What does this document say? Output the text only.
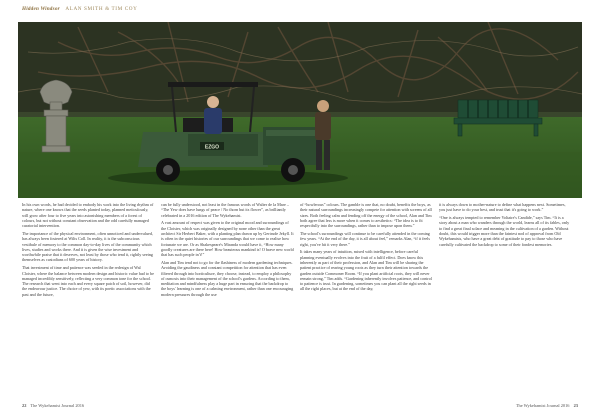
Hidden Windsor ALAN SMITH & TIM COY
EZGO

In his own words, he had decided to embody his work into the living rhythm of nature, where one knows that the seeds planted today, planned meticulously, will grow after four to five years into astonishing members of a forest of colours, but not without constant observation and the odd carefully managed curatorial intervention.

The importance of the physical environment, often unnoticed and undervalued, has always been fostered at Wilts Coll. In reality, it is the subconscious vestibule of memory to the common day-to-day lives of the community which lives, studies and works there. And it is given the wise investment and worthwhile praise that it deserves, not least by those who tend it, rightly seeing themselves as custodians of 600 years of history.

That investment of time and patience was seeded in the redesign of Wal Cloister, where the balance between modern design and historic value had to be managed incredibly sensitively, reflecting a very common tone for the school. The research that went into each and every square patch of soil, however, did the endeavour justice. The choice of yew, with its poetic associations with the past and the future,

can be fully understood, not least in the famous words of Walter de la Mare – “The Yew does have lungs of peace / No thorn but its flower”, as brilliantly celebrated in a 2016 edition of The Wykehamist.

A vast amount of respect was given to the original mood and surroundings of the Cloister, which was originally designed by none other than the great architect Sir Herbert Baker, with a planting plan drawn up by Gertrude Jekyll. It is often in the quiet histories of our surroundings that we come to realise how fortunate we are. Or as Shakespeare's Miranda would have it, “How many goodly creatures are there here! How beauteous mankind is! O brave new world that has such people in’t!”

Alan and Tim tend not to go for the flashiness of modern gardening techniques. Avoiding the gaudiness and constant competition for attention that has even filtered through into horticulture, they choose, instead, to employ a philosophy of osmosis into their management of the school's gardens. According to them, meditation and mindfulness play a huge part in ensuring that the backdrop to the boys' learning is one of a calming environment, rather than one encouraging modern pressures through the use

of “howlerous” colours. The gamble is one that, no doubt, benefits the boys, as their natural surroundings increasingly compete for attention with screens of all sizes. Both feeling calm and fending off the energy of the school, Alan and Tim both agree that less is more when it comes to aesthetics: “The idea is to fit respectfully into the surroundings, rather than to impose upon them.”

The school's surroundings will continue to be carefully attended in the coming few years. “At the end of the day, it is all about feel,” remarks Alan, “if it feels right, you've hit it very there.”

It takes many years of intuition, mixed with intelligence, before careful planning eventually evolves into the fruit of a fulfil effect. Does know this inherently as part of their profession, and Alan and Tim will be sharing the patient practice of rearing young roots as they turn their attention towards the garden outside Commoner Room. “If you plant artificial roots, they will never remain strong,” Tim adds. “Gardening inherently involves patience, and control to patience is trust. In gardening, sometimes you can plant all the right seeds in all the right places, but at the end of the day,

it is always down to mother-nature to define what happens next. Sometimes, you just have to do your best, and trust that it's going to work.”

“One is always tempted to remember Voltaire's Candide,” says Tim. “It is a story about a man who wanders through the world, learns all of its fables, only to find a great final solace and meaning in the cultivation of a garden. Without doubt, this would trigger more than the faintest nod of approval from Old Wykehamists, who have a great debt of gratitude to pay to those who have carefully cultivated the backdrop to some of their fondest memories.

22 The Wykehamist Journal 2016	The Wykehamist Journal 2016 23
